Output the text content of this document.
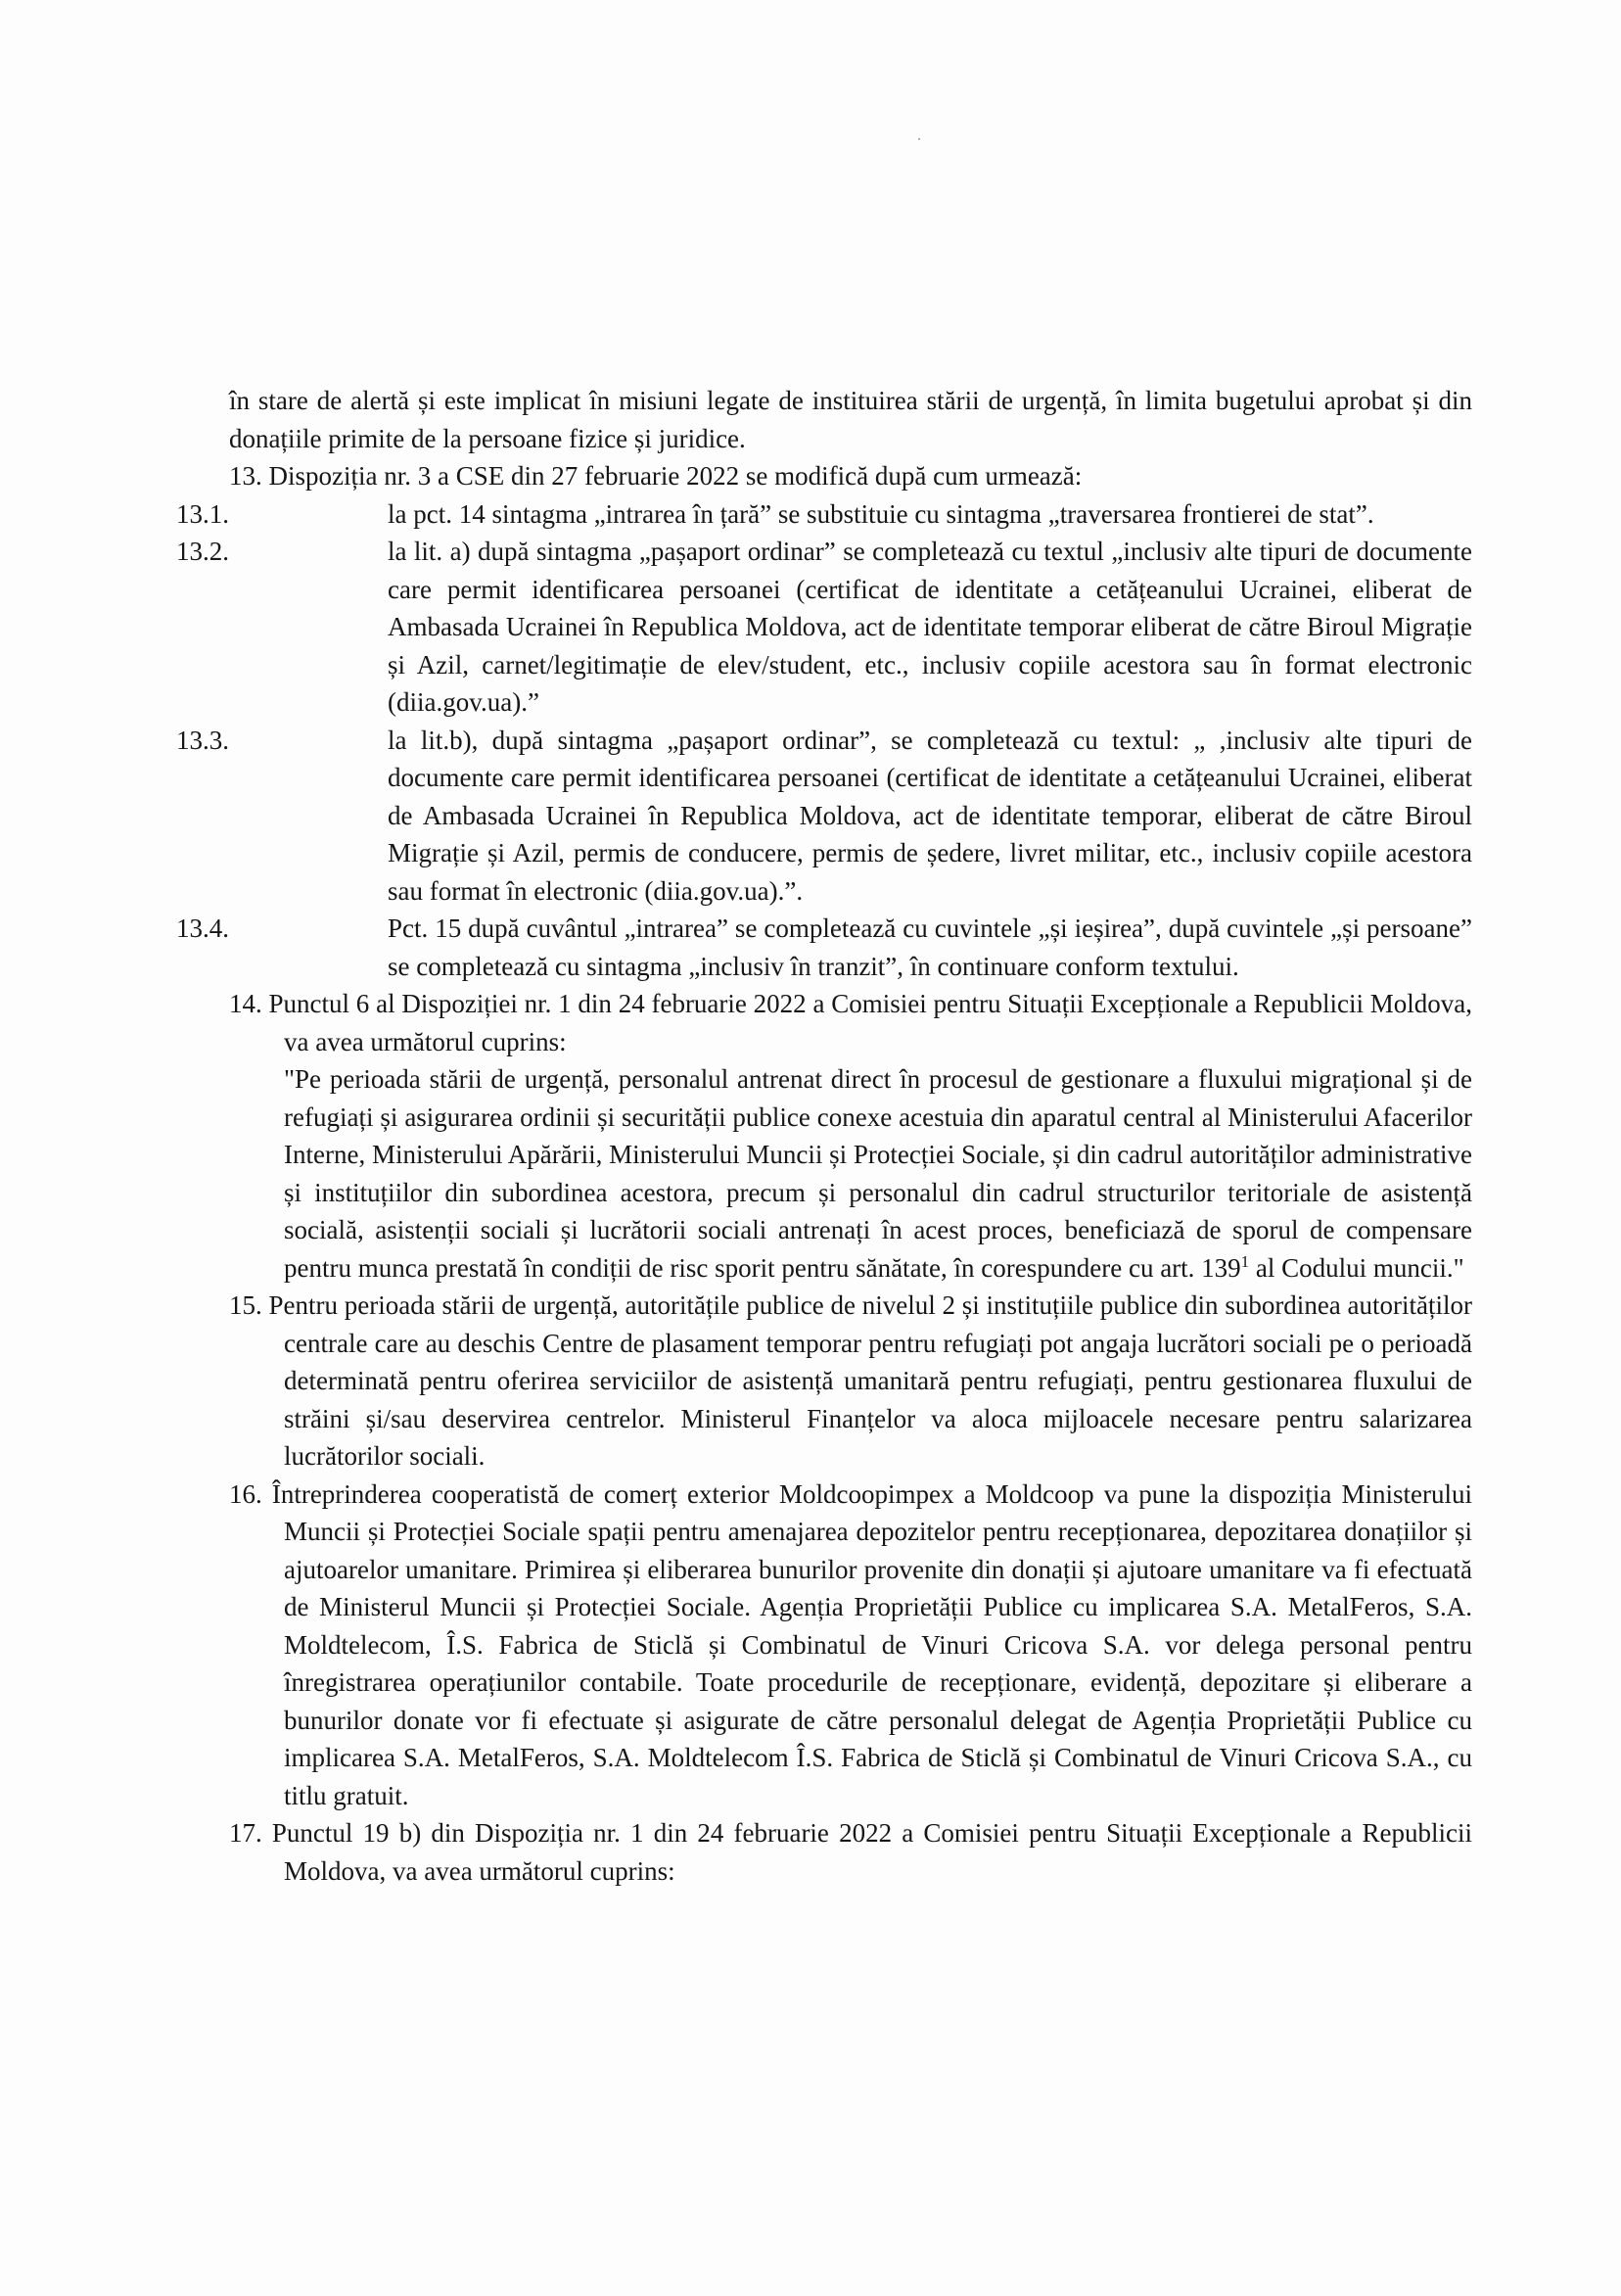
în stare de alertă și este implicat în misiuni legate de instituirea stării de urgență, în limita bugetului aprobat și din donațiile primite de la persoane fizice și juridice.

13. Dispoziția nr. 3 a CSE din 27 februarie 2022 se modifică după cum urmează:

13.1.	la pct. 14 sintagma „intrarea în țară” se substituie cu sintagma „traversarea frontierei de stat”.

13.2.	la lit. a) după sintagma „pașaport ordinar” se completează cu textul „inclusiv alte tipuri de documente care permit identificarea persoanei (certificat de identitate a cetățeanului Ucrainei, eliberat de Ambasada Ucrainei în Republica Moldova, act de identitate temporar eliberat de către Biroul Migrație și Azil, carnet/legitimație de elev/student, etc., inclusiv copiile acestora sau în format electronic (diia.gov.ua).”

13.3.	la lit.b), după sintagma „pașaport ordinar”, se completează cu textul: „ ,inclusiv alte tipuri de documente care permit identificarea persoanei (certificat de identitate a cetățeanului Ucrainei, eliberat de Ambasada Ucrainei în Republica Moldova, act de identitate temporar, eliberat de către Biroul Migrație și Azil, permis de conducere, permis de ședere, livret militar, etc., inclusiv copiile acestora sau format în electronic (diia.gov.ua).”.

13.4.	Pct. 15 după cuvântul „intrarea” se completează cu cuvintele „și ieșirea”, după cuvintele „și persoane” se completează cu sintagma „inclusiv în tranzit”, în continuare conform textului.

14. Punctul 6 al Dispoziției nr. 1 din 24 februarie 2022 a Comisiei pentru Situații Excepționale a Republicii Moldova, va avea următorul cuprins:

"Pe perioada stării de urgență, personalul antrenat direct în procesul de gestionare a fluxului migrațional și de refugiați și asigurarea ordinii și securității publice conexe acestuia din aparatul central al Ministerului Afacerilor Interne, Ministerului Apărării, Ministerului Muncii și Protecției Sociale, și din cadrul autorităților administrative și instituțiilor din subordinea acestora, precum și personalul din cadrul structurilor teritoriale de asistență socială, asistenții sociali și lucrătorii sociali antrenați în acest proces, beneficiază de sporul de compensare pentru munca prestată în condiții de risc sporit pentru sănătate, în corespundere cu art. $139^1$ al Codului muncii."

15. Pentru perioada stării de urgență, autoritățile publice de nivelul 2 și instituțiile publice din subordinea autorităților centrale care au deschis Centre de plasament temporar pentru refugiați pot angaja lucrători sociali pe o perioadă determinată pentru oferirea serviciilor de asistență umanitară pentru refugiați, pentru gestionarea fluxului de străini și/sau deservirea centrelor. Ministerul Finanțelor va aloca mijloacele necesare pentru salarizarea lucrătorilor sociali.

16. Întreprinderea cooperatistă de comerț exterior Moldcoopimpex a Moldcoop va pune la dispoziția Ministerului Muncii și Protecției Sociale spații pentru amenajarea depozitelor pentru recepționarea, depozitarea donațiilor și ajutoarelor umanitare. Primirea și eliberarea bunurilor provenite din donații și ajutoare umanitare va fi efectuată de Ministerul Muncii și Protecției Sociale. Agenția Proprietății Publice cu implicarea S.A. MetalFeros, S.A. Moldtelecom, Î.S. Fabrica de Sticlă și Combinatul de Vinuri Cricova S.A. vor delega personal pentru înregistrarea operațiunilor contabile. Toate procedurile de recepționare, evidență, depozitare și eliberare a bunurilor donate vor fi efectuate și asigurate de către personalul delegat de Agenția Proprietății Publice cu implicarea S.A. MetalFeros, S.A. Moldtelecom Î.S. Fabrica de Sticlă și Combinatul de Vinuri Cricova S.A., cu titlu gratuit.

17. Punctul 19 b) din Dispoziția nr. 1 din 24 februarie 2022 a Comisiei pentru Situații Excepționale a Republicii Moldova, va avea următorul cuprins:
